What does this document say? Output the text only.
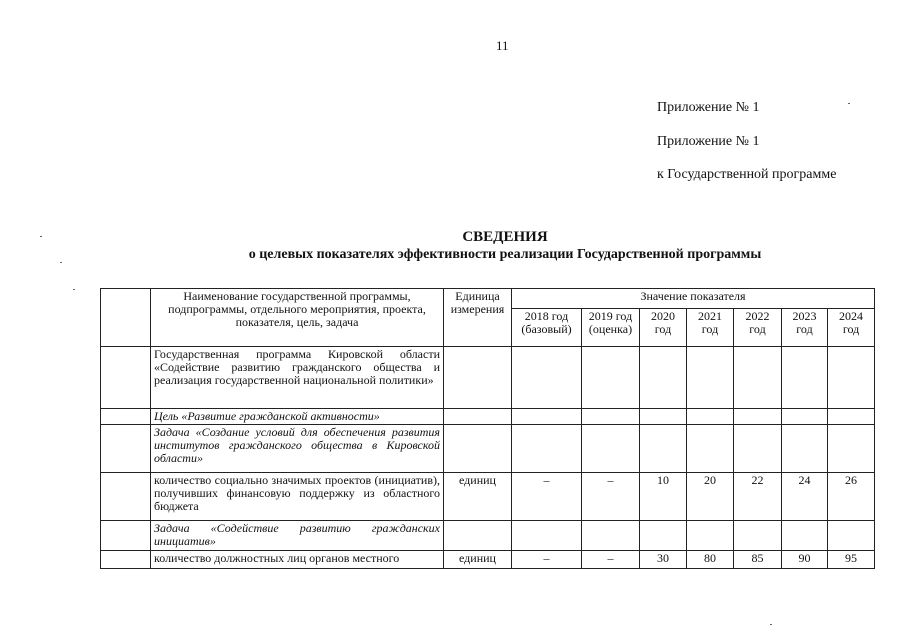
11
Приложение № 1
Приложение № 1
к Государственной программе
СВЕДЕНИЯ
о целевых показателях эффективности реализации Государственной программы
	Наименование государственной программы, подпрограммы, отдельного мероприятия, проекта, показателя, цель, задача	Единица измерения	Значение показателя						
			2018 год (базовый)	2019 год (оценка)	2020 год	2021 год	2022 год	2023 год	2024 год
	Государственная программа Кировской области «Содействие развитию гражданского общества и реализация государственной национальной политики»								
	Цель «Развитие гражданской активности»								
	Задача «Создание условий для обеспечения развития институтов гражданского общества в Кировской области»								
	количество социально значимых проектов (инициатив), получивших финансовую поддержку из областного бюджета	единиц	–	–	10	20	22	24	26
	Задача «Содействие развитию гражданских инициатив»								
	количество должностных лиц органов местного	единиц	–	–	30	80	85	90	95
